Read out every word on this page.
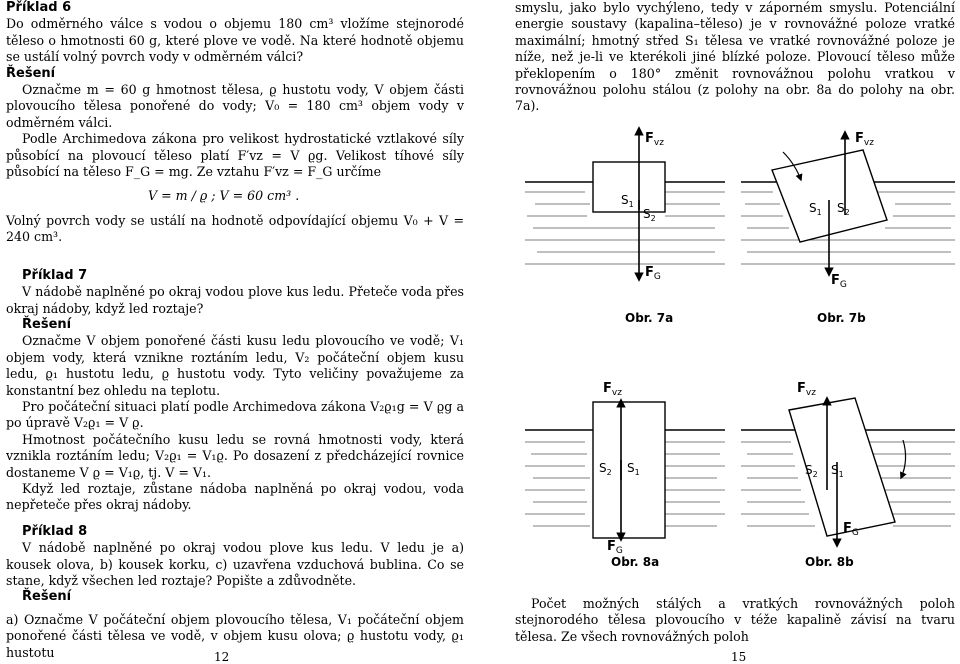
Příklad 6

Do odměrného válce s vodou o objemu 180 cm³ vložíme stejnorodé těleso o hmotnosti 60 g, které plove ve vodě. Na které hodnotě objemu se ustálí volný povrch vody v odměrném válci?

Řešení

Označme m = 60 g hmotnost tělesa, ϱ hustotu vody, V objem části plovoucího tělesa ponořené do vody; V₀ = 180 cm³ objem vody v odměrném válci.

Podle Archimedova zákona pro velikost hydrostatické vztlakové síly působící na plovoucí těleso platí F′vz = V ϱg. Velikost tíhové síly působící na těleso F_G = mg. Ze vztahu F′vz = F_G určíme

V = m / ϱ ; V = 60 cm³ .

Volný povrch vody se ustálí na hodnotě odpovídající objemu V₀ + V = 240 cm³.

Příklad 7

V nádobě naplněné po okraj vodou plove kus ledu. Přeteče voda přes okraj nádoby, když led roztaje?

Řešení

Označme V objem ponořené části kusu ledu plovoucího ve vodě; V₁ objem vody, která vznikne roztáním ledu, V₂ počáteční objem kusu ledu, ϱ₁ hustotu ledu, ϱ hustotu vody. Tyto veličiny považujeme za konstantní bez ohledu na teplotu.

Pro počáteční situaci platí podle Archimedova zákona V₂ϱ₁g = V ϱg a po úpravě V₂ϱ₁ = V ϱ.

Hmotnost počátečního kusu ledu se rovná hmotnosti vody, která vznikla roztáním ledu; V₂ϱ₁ = V₁ϱ. Po dosazení z předcházející rovnice dostaneme V ϱ = V₁ϱ, tj. V = V₁.

Když led roztaje, zůstane nádoba naplněná po okraj vodou, voda nepřeteče přes okraj nádoby.

Příklad 8

V nádobě naplněné po okraj vodou plove kus ledu. V ledu je a) kousek olova, b) kousek korku, c) uzavřena vzduchová bublina. Co se stane, když všechen led roztaje? Popište a zdůvodněte.

Řešení

a) Označme V počáteční objem plovoucího tělesa, V₁ počáteční objem ponořené části tělesa ve vodě, v objem kusu olova; ϱ hustotu vody, ϱ₁ hustotu	12

smyslu, jako bylo vychýleno, tedy v záporném smyslu. Potenciální energie soustavy (kapalina–těleso) je v rovnovážné poloze vratké maximální; hmotný střed S₁ tělesa ve vratké rovnovážné poloze je níže, než je-li ve kterékoli jiné blízké poloze. Plovoucí těleso může překlopením o 180° změnit rovnovážnou polohu vratkou v rovnovážnou polohu stálou (z polohy na obr. 8a do polohy na obr. 7a).

$F_{vz}$
$S_1$
$S_2$
$F_G$
Obr. 7a
$F_{vz}$
$S_1$ $S_2$
$F_G$
Obr. 7b
$F_{vz}$
$S_2$ $S_1$
$F_G$
Obr. 8a
$F_{vz}$
$S_2$ $S_1$
$F_G$
Obr. 8b

Počet možných stálých a vratkých rovnovážných poloh stejnorodého tělesa plovoucího v téže kapalině závisí na tvaru tělesa. Ze všech rovnovážných poloh

15
